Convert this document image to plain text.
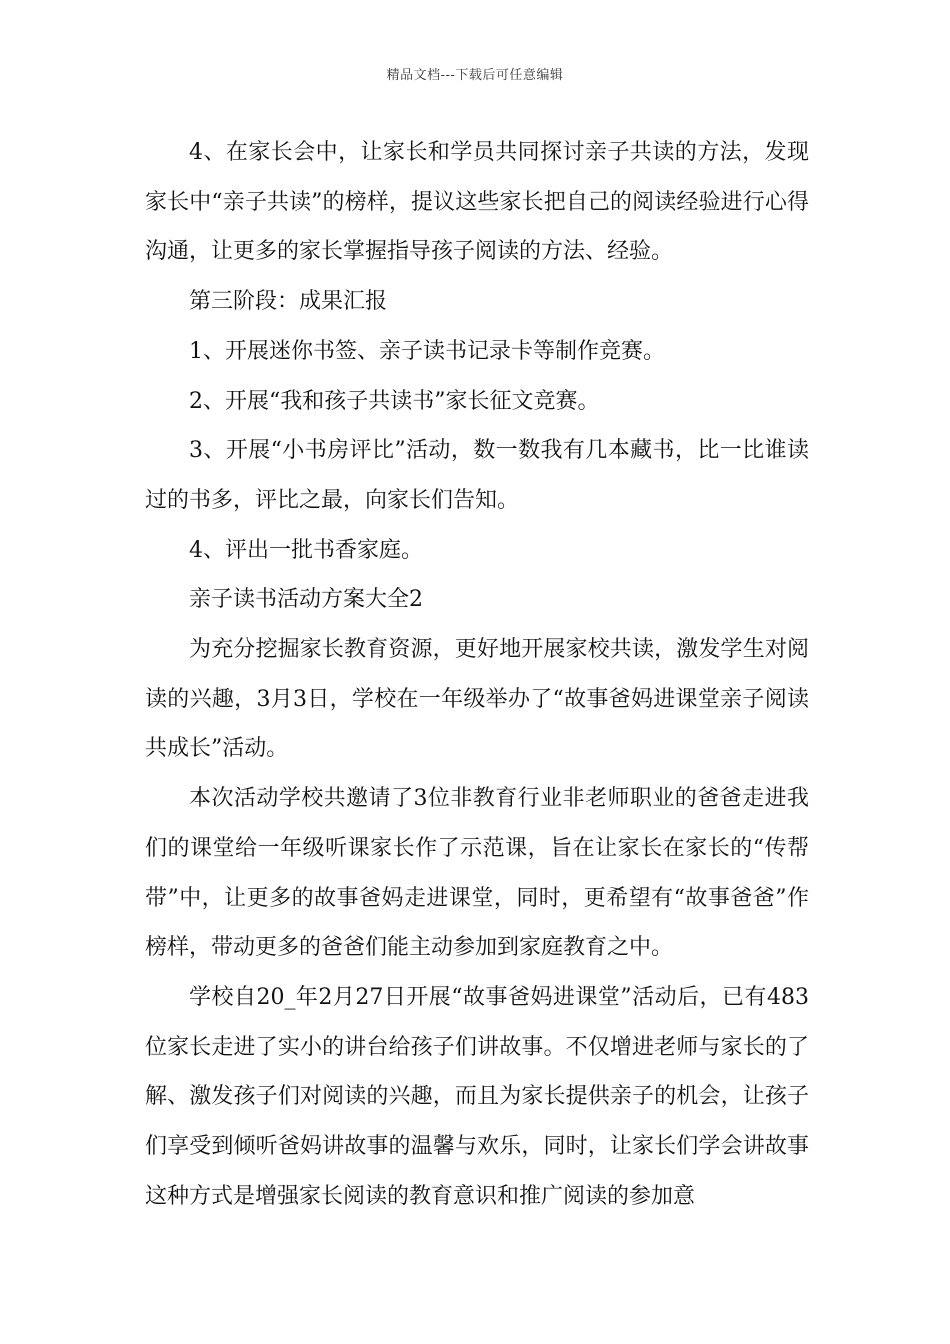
精品文档---下载后可任意编辑

4、在家长会中，让家长和学员共同探讨亲子共读的方法，发现家长中“亲子共读”的榜样，提议这些家长把自己的阅读经验进行心得沟通，让更多的家长掌握指导孩子阅读的方法、经验。

第三阶段：成果汇报

1、开展迷你书签、亲子读书记录卡等制作竞赛。

2、开展“我和孩子共读书”家长征文竞赛。

3、开展“小书房评比”活动，数一数我有几本藏书，比一比谁读过的书多，评比之最，向家长们告知。

4、评出一批书香家庭。

亲子读书活动方案大全2

为充分挖掘家长教育资源，更好地开展家校共读，激发学生对阅读的兴趣，3月3日，学校在一年级举办了“故事爸妈进课堂亲子阅读共成长”活动。

本次活动学校共邀请了3位非教育行业非老师职业的爸爸走进我们的课堂给一年级听课家长作了示范课，旨在让家长在家长的“传帮带”中，让更多的故事爸妈走进课堂，同时，更希望有“故事爸爸”作榜样，带动更多的爸爸们能主动参加到家庭教育之中。

学校自20_年2月27日开展“故事爸妈进课堂”活动后，已有483位家长走进了实小的讲台给孩子们讲故事。不仅增进老师与家长的了解、激发孩子们对阅读的兴趣，而且为家长提供亲子的机会，让孩子们享受到倾听爸妈讲故事的温馨与欢乐，同时，让家长们学会讲故事这种方式是增强家长阅读的教育意识和推广阅读的参加意
